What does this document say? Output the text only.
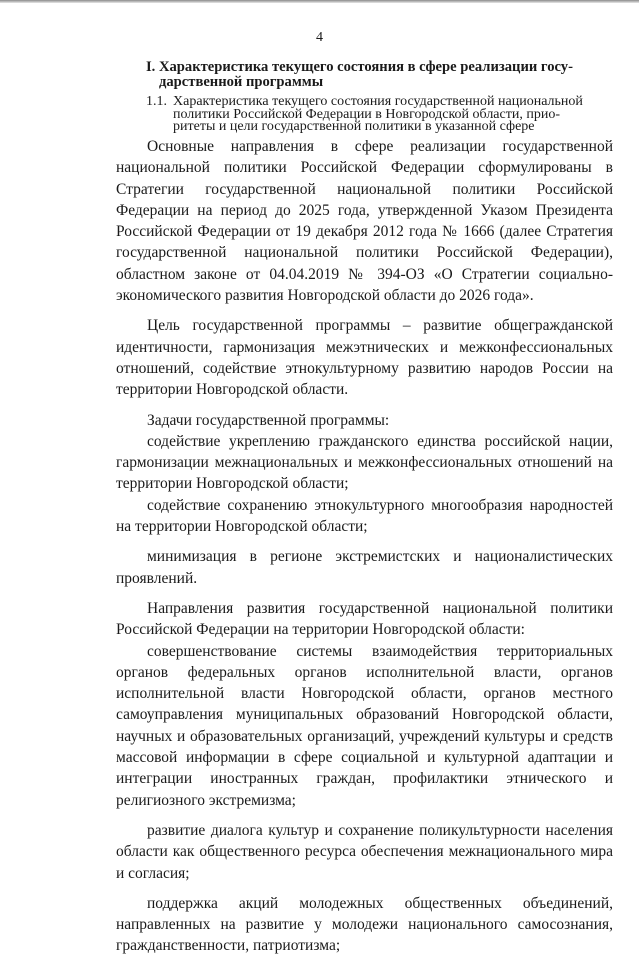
4
I. Характеристика текущего состояния в сфере реализации госу-
дарственной программы
1.1. Характеристика текущего состояния государственной национальной
политики Российской Федерации в Новгородской области, прио-
ритеты и цели государственной политики в указанной сфере

Основные направления в сфере реализации государственной национальной политики Российской Федерации сформулированы в Стратегии государственной национальной политики Российской Федерации на период до 2025 года, утвержденной Указом Президента Российской Федерации от 19 декабря 2012 года № 1666 (далее Стратегия государственной национальной политики Российской Федерации), областном законе от 04.04.2019 № 394-ОЗ «О Стратегии социально-экономического развития Новгородской области до 2026 года».

Цель государственной программы – развитие общегражданской идентичности, гармонизация межэтнических и межконфессиональных отношений, содействие этнокультурному развитию народов России на территории Новгородской области.

Задачи государственной программы:

содействие укреплению гражданского единства российской нации, гармонизации межнациональных и межконфессиональных отношений на территории Новгородской области;

содействие сохранению этнокультурного многообразия народностей на территории Новгородской области;

минимизация в регионе экстремистских и националистических проявлений.

Направления развития государственной национальной политики Российской Федерации на территории Новгородской области:

совершенствование системы взаимодействия территориальных органов федеральных органов исполнительной власти, органов исполнительной власти Новгородской области, органов местного самоуправления муниципальных образований Новгородской области, научных и образовательных организаций, учреждений культуры и средств массовой информации в сфере социальной и культурной адаптации и интеграции иностранных граждан, профилактики этнического и религиозного экстремизма;

развитие диалога культур и сохранение поликультурности населения области как общественного ресурса обеспечения межнационального мира и согласия;

поддержка акций молодежных общественных объединений, направленных на развитие у молодежи национального самосознания, гражданственности, патриотизма;
